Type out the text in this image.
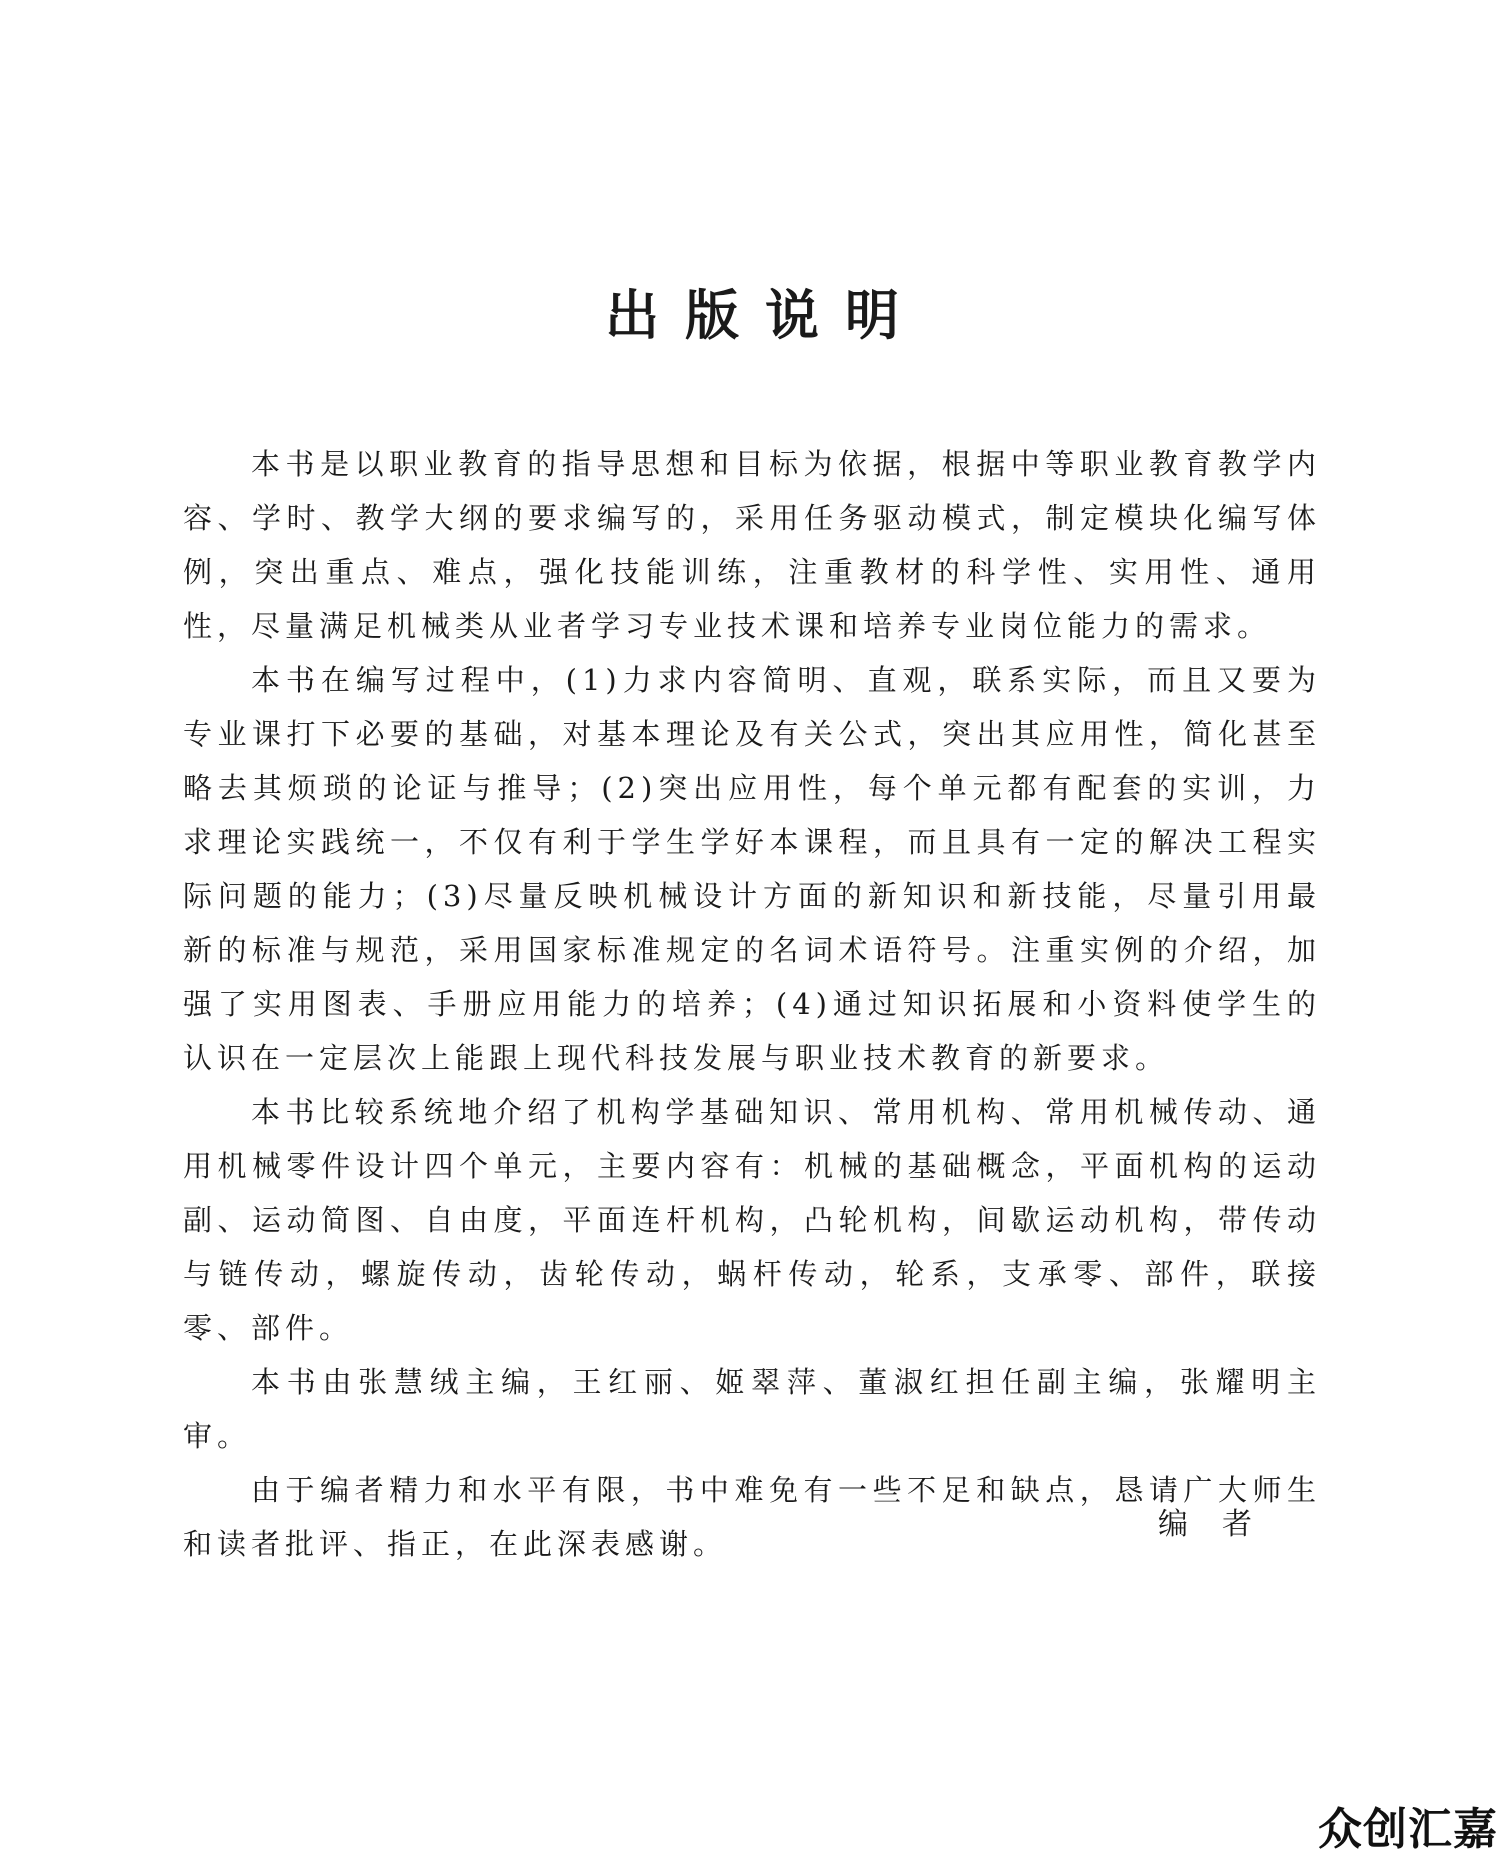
出版说明

本书是以职业教育的指导思想和目标为依据，根据中等职业教育教学内容、学时、教学大纲的要求编写的，采用任务驱动模式，制定模块化编写体例，突出重点、难点，强化技能训练，注重教材的科学性、实用性、通用性，尽量满足机械类从业者学习专业技术课和培养专业岗位能力的需求。

本书在编写过程中，(1)力求内容简明、直观，联系实际，而且又要为专业课打下必要的基础，对基本理论及有关公式，突出其应用性，简化甚至略去其烦琐的论证与推导；(2)突出应用性，每个单元都有配套的实训，力求理论实践统一，不仅有利于学生学好本课程，而且具有一定的解决工程实际问题的能力；(3)尽量反映机械设计方面的新知识和新技能，尽量引用最新的标准与规范，采用国家标准规定的名词术语符号。注重实例的介绍，加强了实用图表、手册应用能力的培养；(4)通过知识拓展和小资料使学生的认识在一定层次上能跟上现代科技发展与职业技术教育的新要求。

本书比较系统地介绍了机构学基础知识、常用机构、常用机械传动、通用机械零件设计四个单元，主要内容有：机械的基础概念，平面机构的运动副、运动简图、自由度，平面连杆机构，凸轮机构，间歇运动机构，带传动与链传动，螺旋传动，齿轮传动，蜗杆传动，轮系，支承零、部件，联接零、部件。

本书由张慧绒主编，王红丽、姬翠萍、董淑红担任副主编，张耀明主审。

由于编者精力和水平有限，书中难免有一些不足和缺点，恳请广大师生和读者批评、指正，在此深表感谢。

编者
众创汇嘉
